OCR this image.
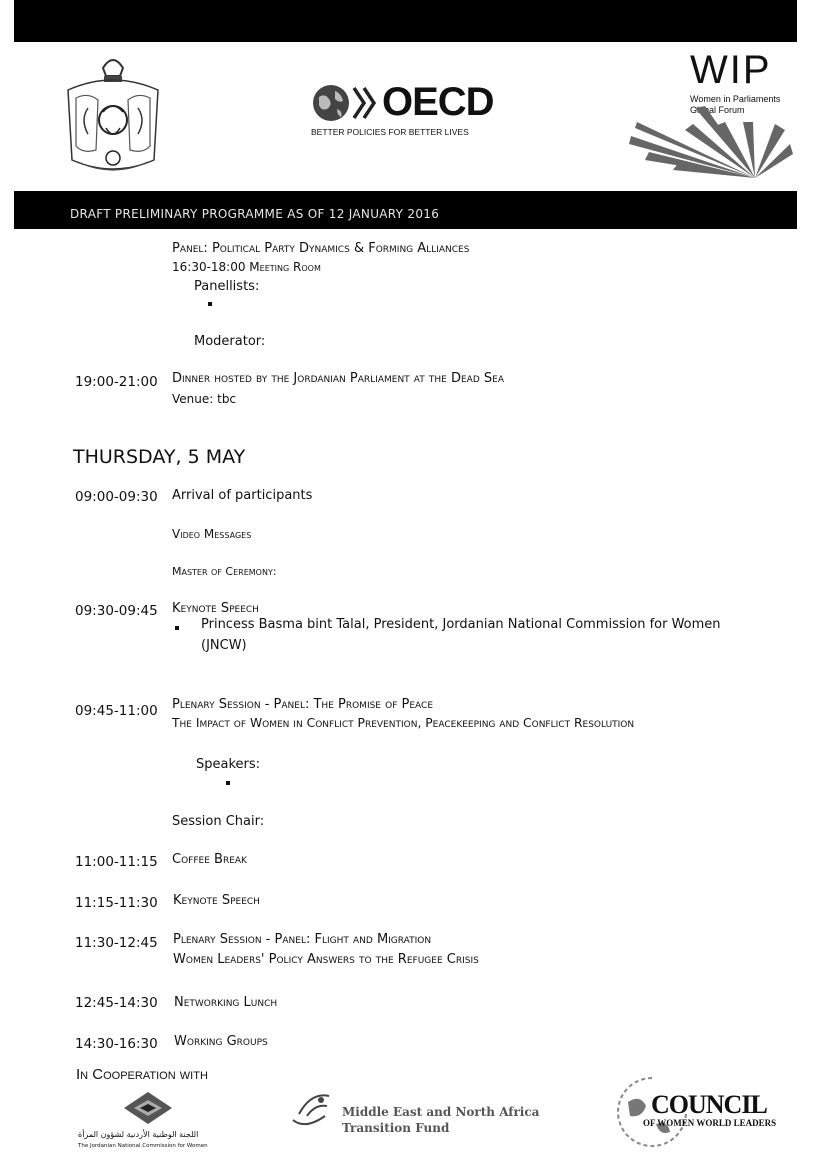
OECD
BETTER POLICIES FOR BETTER LIVES
WIP
Women in Parliaments
Global Forum
DRAFT PRELIMINARY PROGRAMME AS OF 12 JANUARY 2016
Panel: Political Party Dynamics & Forming Alliances
16:30-18:00 Meeting Room
Panellists:
Moderator:
19:00-21:00 Dinner hosted by the Jordanian Parliament at the Dead Sea
Venue: tbc
THURSDAY, 5 MAY
09:00-09:30 Arrival of participants
Video Messages
Master of Ceremony:
09:30-09:45 Keynote Speech
Princess Basma bint Talal, President, Jordanian National Commission for Women
(JNCW)
09:45-11:00 Plenary Session - Panel: The Promise of Peace
The Impact of Women in Conflict Prevention, Peacekeeping and Conflict Resolution
Speakers:
Session Chair:
11:00-11:15 Coffee Break
11:15-11:30 Keynote Speech
11:30-12:45 Plenary Session - Panel: Flight and Migration
Women Leaders' Policy Answers to the Refugee Crisis
12:45-14:30 Networking Lunch
14:30-16:30 Working Groups
In Cooperation with
اللجنة الوطنية الأردنية لشؤون المرأة
The Jordanian National Commission for Women
Middle East and North Africa
Transition Fund
COUNCIL
OF WOMEN WORLD LEADERS
